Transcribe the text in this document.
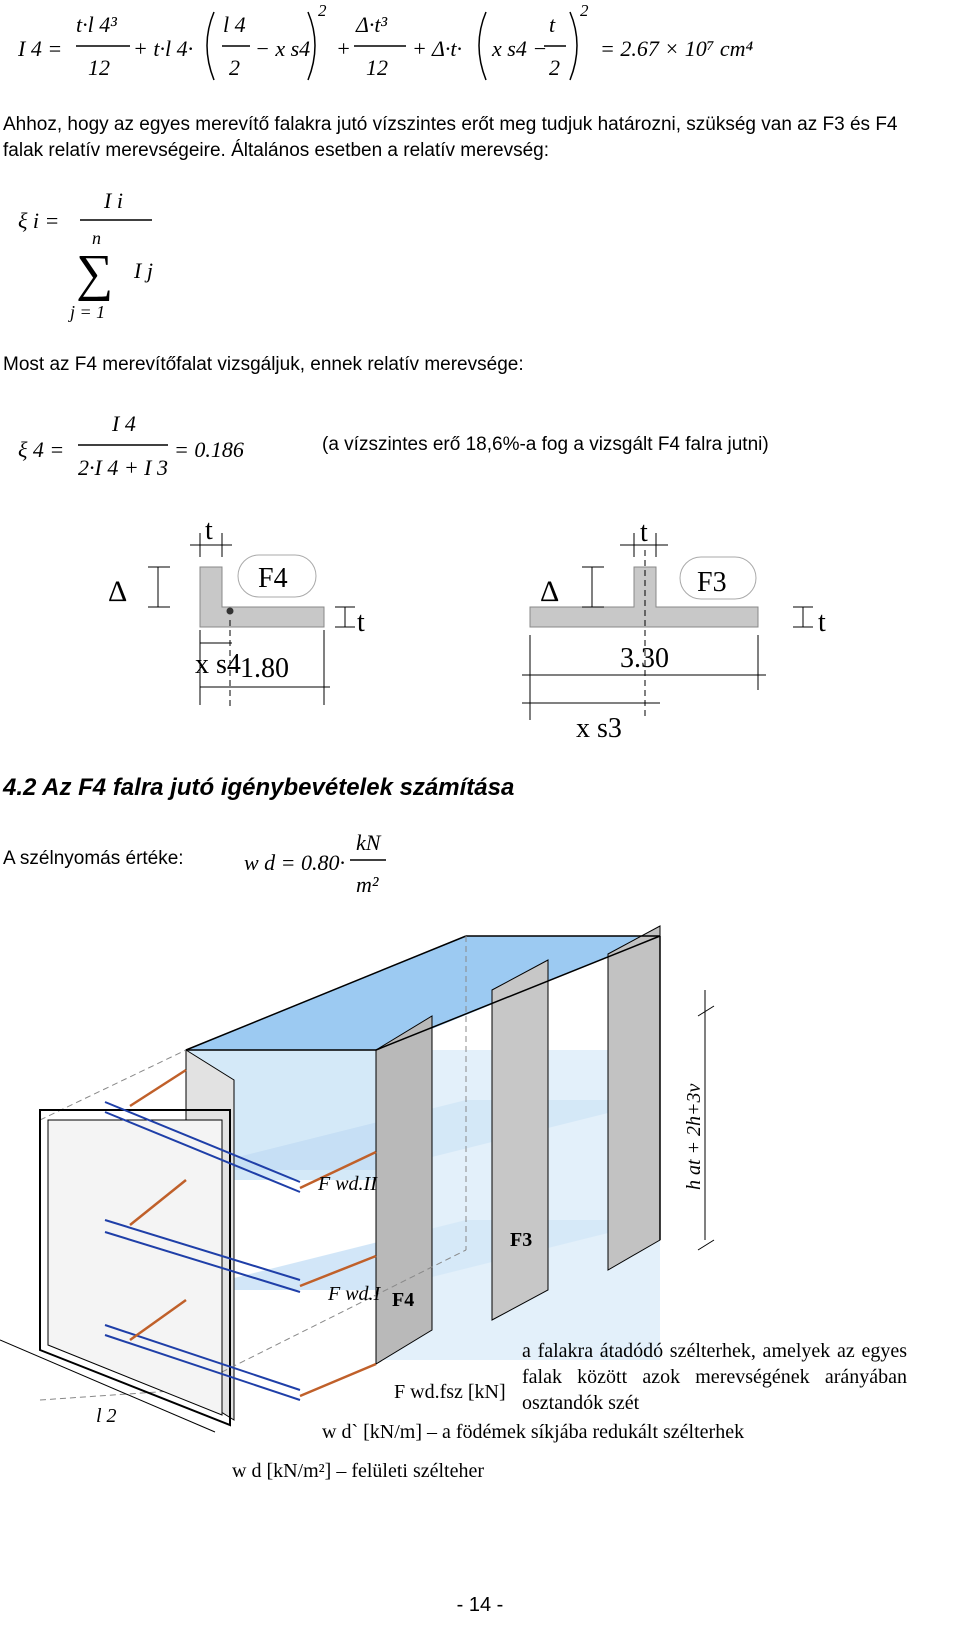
I 4 =
t·l 4³
12
+ t·l 4·
l 4
2
− x s4
2
+
Δ·t³
12
+ Δ·t· x s4 −
t
2
2
= 2.67 × 10⁷ cm⁴
Ahhoz, hogy az egyes merevítő falakra jutó vízszintes erőt meg tudjuk határozni, szükség van az F3 és F4 falak relatív merevségeire. Általános esetben a relatív merevség:
ξ i =
I i
n
∑ I j
j = 1
Most az F4 merevítőfalat vizsgáljuk, ennek relatív merevsége:
ξ 4 =
I 4
2·I 4 + I 3
= 0.186	(a vízszintes erő 18,6%-a fog a vizsgált F4 falra jutni)
t
F4
Δ
t
x s4 1.80
t
F3
Δ
t
3.30
x s3
4.2 Az F4 falra jutó igénybevételek számítása
A szélnyomás értéke:	w d = 0.80·
kN
m²
F wd.II
F wd.I
F3
F4
h at + 2h+3v
l 2
F wd.fsz [kN]
w d` [kN/m] – a födémek síkjába redukált szélterhek
w d [kN/m²] – felületi szélteher
a falakra átadódó szélterhek, amelyek az egyes falak között azok merevségének arányában osztandók szét
- 14 -
